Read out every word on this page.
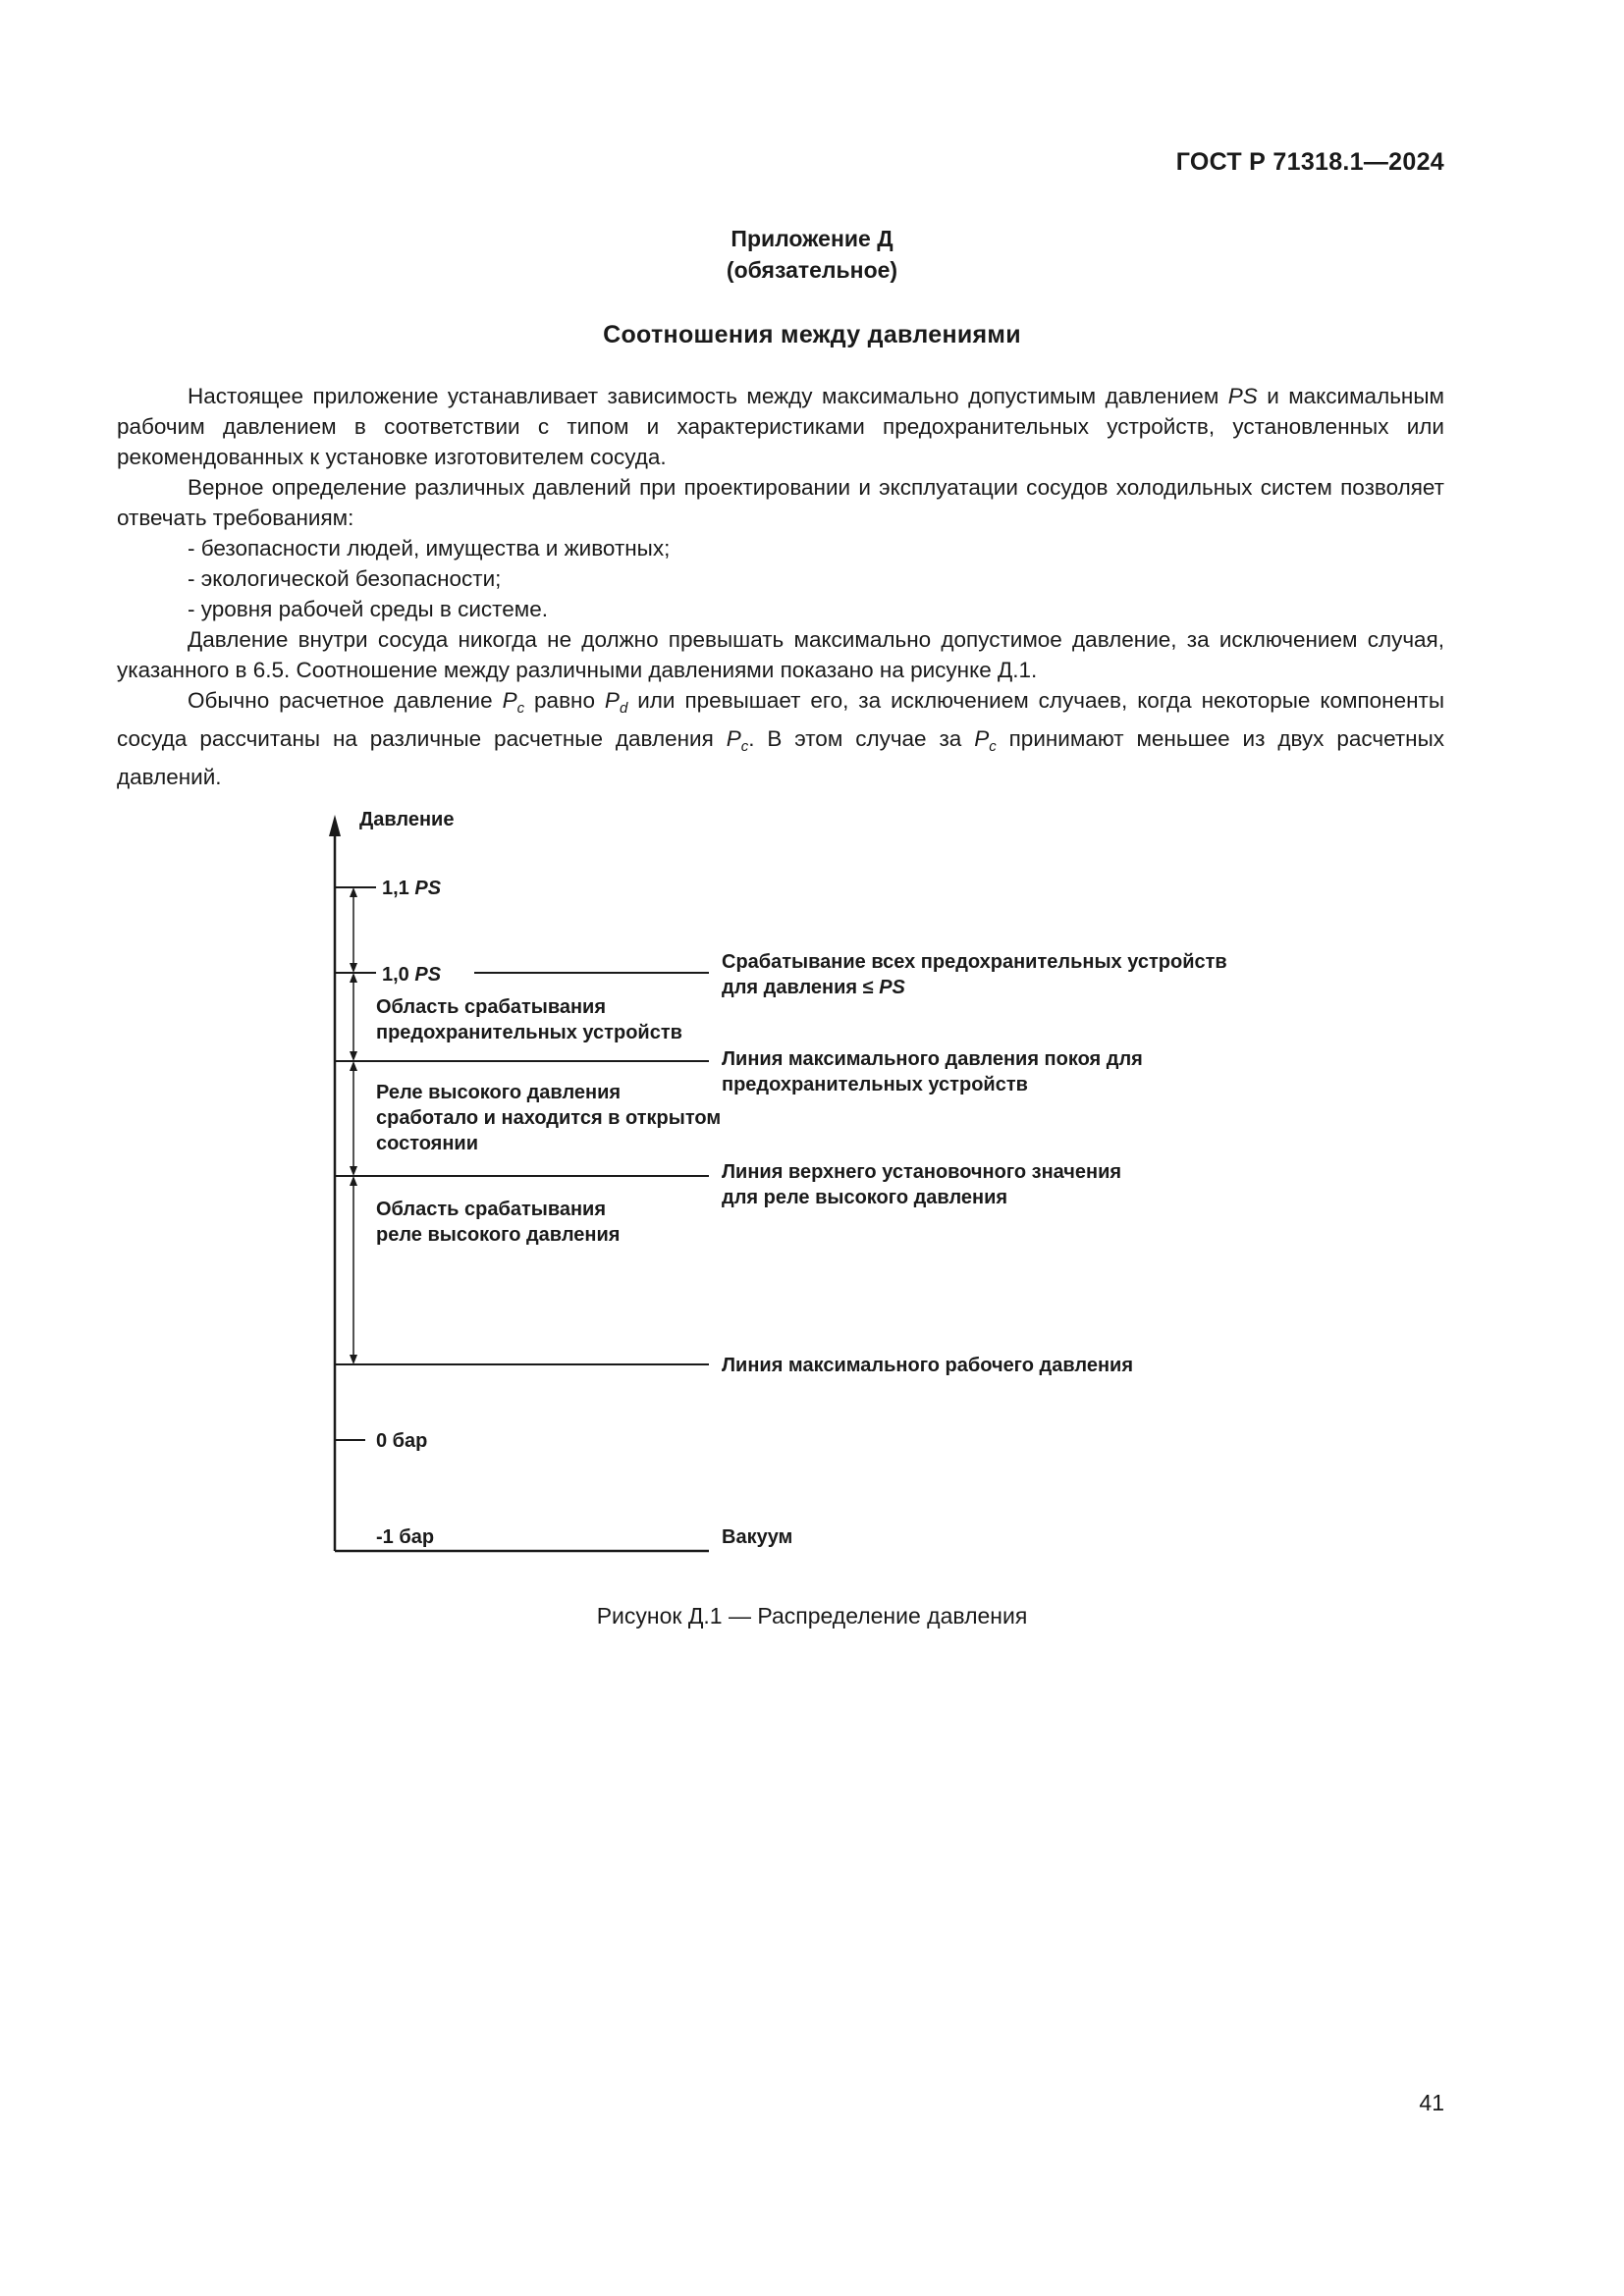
ГОСТ Р 71318.1—2024
Приложение Д
(обязательное)
Соотношения между давлениями

Настоящее приложение устанавливает зависимость между максимально допустимым давлением PS и максимальным рабочим давлением в соответствии с типом и характеристиками предохранительных устройств, установленных или рекомендованных к установке изготовителем сосуда.

Верное определение различных давлений при проектировании и эксплуатации сосудов холодильных систем позволяет отвечать требованиям:

- безопасности людей, имущества и животных;

- экологической безопасности;

- уровня рабочей среды в системе.

Давление внутри сосуда никогда не должно превышать максимально допустимое давление, за исключением случая, указанного в 6.5. Соотношение между различными давлениями показано на рисунке Д.1.

Обычно расчетное давление $P_c$ равно $P_d$ или превышает его, за исключением случаев, когда некоторые компоненты сосуда рассчитаны на различные расчетные давления $P_c$. В этом случае за $P_c$ принимают меньшее из двух расчетных давлений.

Давление
1,1 PS
1,0 PS
Область срабатывания
предохранительных устройств
Реле высокого давления
сработало и находится в открытом
состоянии
Область срабатывания
реле высокого давления
0 бар
-1 бар
Срабатывание всех предохранительных устройств
для давления ≤ PS
Линия максимального давления покоя для
предохранительных устройств
Линия верхнего установочного значения
для реле высокого давления
Линия максимального рабочего давления
Вакуум
Рисунок Д.1 — Распределение давления
41
